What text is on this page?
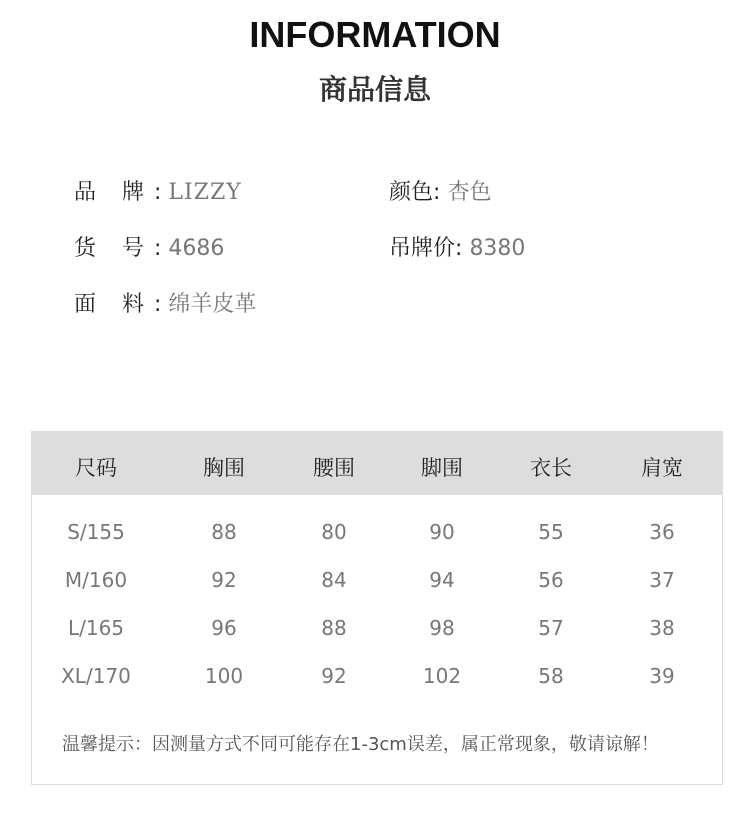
INFORMATION
商品信息
品 牌 : LIZZY	颜色: 杏色
货 号 : 4686	吊牌价: 8380
面 料 : 绵羊皮革
尺码	胸围	腰围	脚围	衣长	肩宽
S/155	88	80	90	55	36
M/160	92	84	94	56	37
L/165	96	88	98	57	38
XL/170	100	92	102	58	39
温馨提示：因测量方式不同可能存在1-3cm误差，属正常现象，敬请谅解！
